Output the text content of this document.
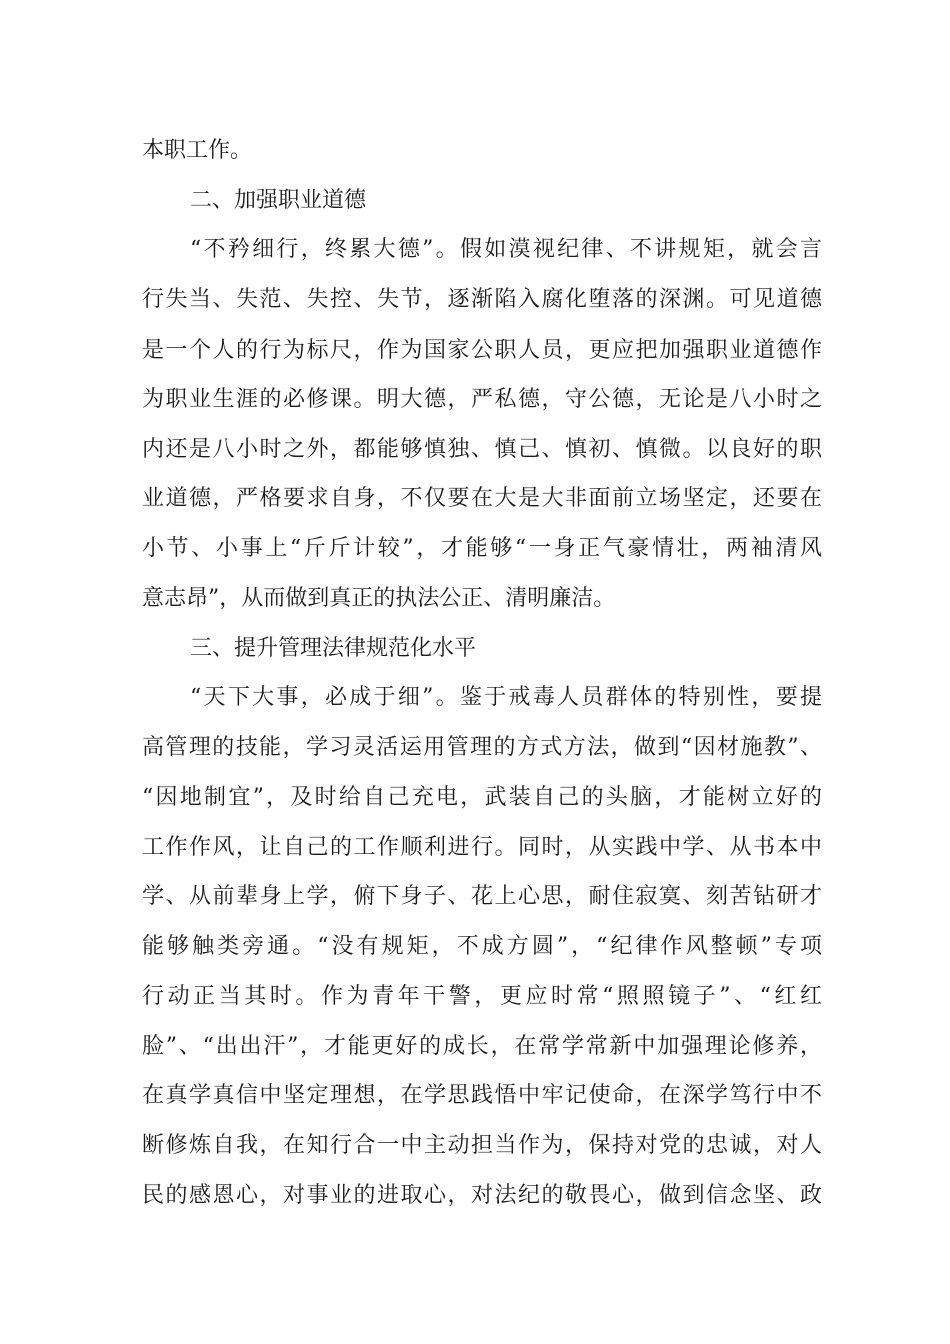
本职工作。
二、加强职业道德
“不矜细行，终累大德”。假如漠视纪律、不讲规矩，就会言
行失当、失范、失控、失节，逐渐陷入腐化堕落的深渊。可见道德
是一个人的行为标尺，作为国家公职人员，更应把加强职业道德作
为职业生涯的必修课。明大德，严私德，守公德，无论是八小时之
内还是八小时之外，都能够慎独、慎己、慎初、慎微。以良好的职
业道德，严格要求自身，不仅要在大是大非面前立场坚定，还要在
小节、小事上“斤斤计较”，才能够“一身正气豪情壮，两袖清风
意志昂”，从而做到真正的执法公正、清明廉洁。
三、提升管理法律规范化水平
“天下大事，必成于细”。鉴于戒毒人员群体的特别性，要提
高管理的技能，学习灵活运用管理的方式方法，做到“因材施教”、
“因地制宜”，及时给自己充电，武装自己的头脑，才能树立好的
工作作风，让自己的工作顺利进行。同时，从实践中学、从书本中
学、从前辈身上学，俯下身子、花上心思，耐住寂寞、刻苦钻研才
能够触类旁通。“没有规矩，不成方圆”，“纪律作风整顿”专项
行动正当其时。作为青年干警，更应时常“照照镜子”、“红红
脸”、“出出汗”，才能更好的成长，在常学常新中加强理论修养，
在真学真信中坚定理想，在学思践悟中牢记使命，在深学笃行中不
断修炼自我，在知行合一中主动担当作为，保持对党的忠诚，对人
民的感恩心，对事业的进取心，对法纪的敬畏心，做到信念坚、政
